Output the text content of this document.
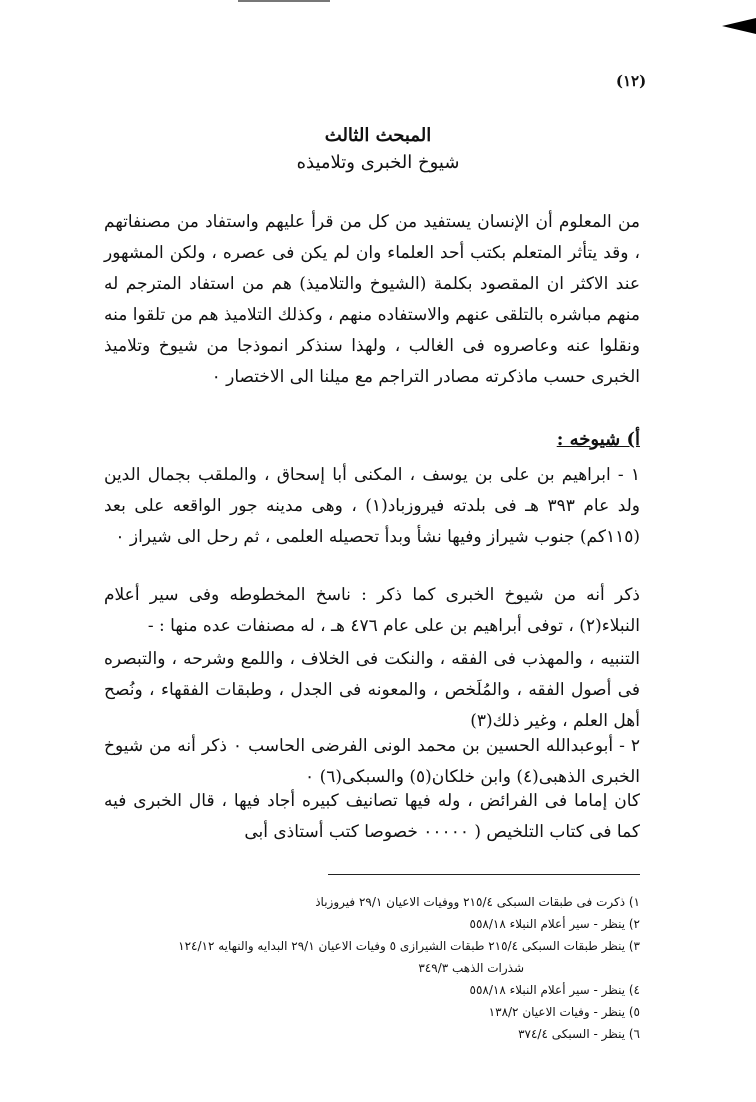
(١٢)
المبحث الثالث
شيوخ الخبرى وتلاميذه
من المعلوم أن الإنسان يستفيد من كل من قرأ عليهم واستفاد من مصنفاتهم ، وقد يتأثر المتعلم بكتب أحد العلماء وان لم يكن فى عصره ، ولكن المشهور عند الاكثر ان المقصود بكلمة (الشيوخ والتلاميذ) هم من استفاد المترجم له منهم مباشره بالتلقى عنهم والاستفاده منهم ، وكذلك التلاميذ هم من تلقوا منه ونقلوا عنه وعاصروه فى الغالب ، ولهذا سنذكر انموذجا من شيوخ وتلاميذ الخبرى حسب ماذكرته مصادر التراجم مع ميلنا الى الاختصار ٠
أ) شيوخه :
١ - ابراهيم بن على بن يوسف ، المكنى أبا إسحاق ، والملقب بجمال الدين ولد عام ٣٩٣ هـ فى بلدته فيروزباد(١) ، وهى مدينه جور الواقعه على بعد (١١٥كم) جنوب شيراز وفيها نشأ وبدأ تحصيله العلمى ، ثم رحل الى شيراز ٠
ذكر أنه من شيوخ الخبرى كما ذكر : ناسخ المخطوطه وفى سير أعلام النبلاء(٢) ، توفى أبراهيم بن على عام ٤٧٦ هـ ، له مصنفات عده منها : -
التنبيه ، والمهذب فى الفقه ، والنكت فى الخلاف ، واللمع وشرحه ، والتبصره فى أصول الفقه ، والمُلَخص ، والمعونه فى الجدل ، وطبقات الفقهاء ، ونُصح أهل العلم ، وغير ذلك(٣)
٢ - أبوعبدالله الحسين بن محمد الونى الفرضى الحاسب ٠ ذكر أنه من شيوخ الخبرى الذهبى(٤) وابن خلكان(٥) والسبكى(٦) ٠
كان إماما فى الفرائض ، وله فيها تصانيف كبيره أجاد فيها ، قال الخبرى فيه كما فى كتاب التلخيص ( ٠٠٠٠٠ خصوصا كتب أستاذى أبى
١) ذكرت فى طبقات السبكى ٢١٥/٤ ووفيات الاعيان ٢٩/١ فيروزباذ
٢) ينظر - سير أعلام النبلاء ٥٥٨/١٨
٣) ينظر طبقات السبكى ٢١٥/٤ طبقات الشيرازى ٥ وفيات الاعيان ٢٩/١ البدايه والنهايه ١٢٤/١٢
شذرات الذهب ٣٤٩/٣
٤) ينظر - سير أعلام النبلاء ٥٥٨/١٨
٥) ينظر - وفيات الاعيان ١٣٨/٢
٦) ينظر - السبكى ٣٧٤/٤
